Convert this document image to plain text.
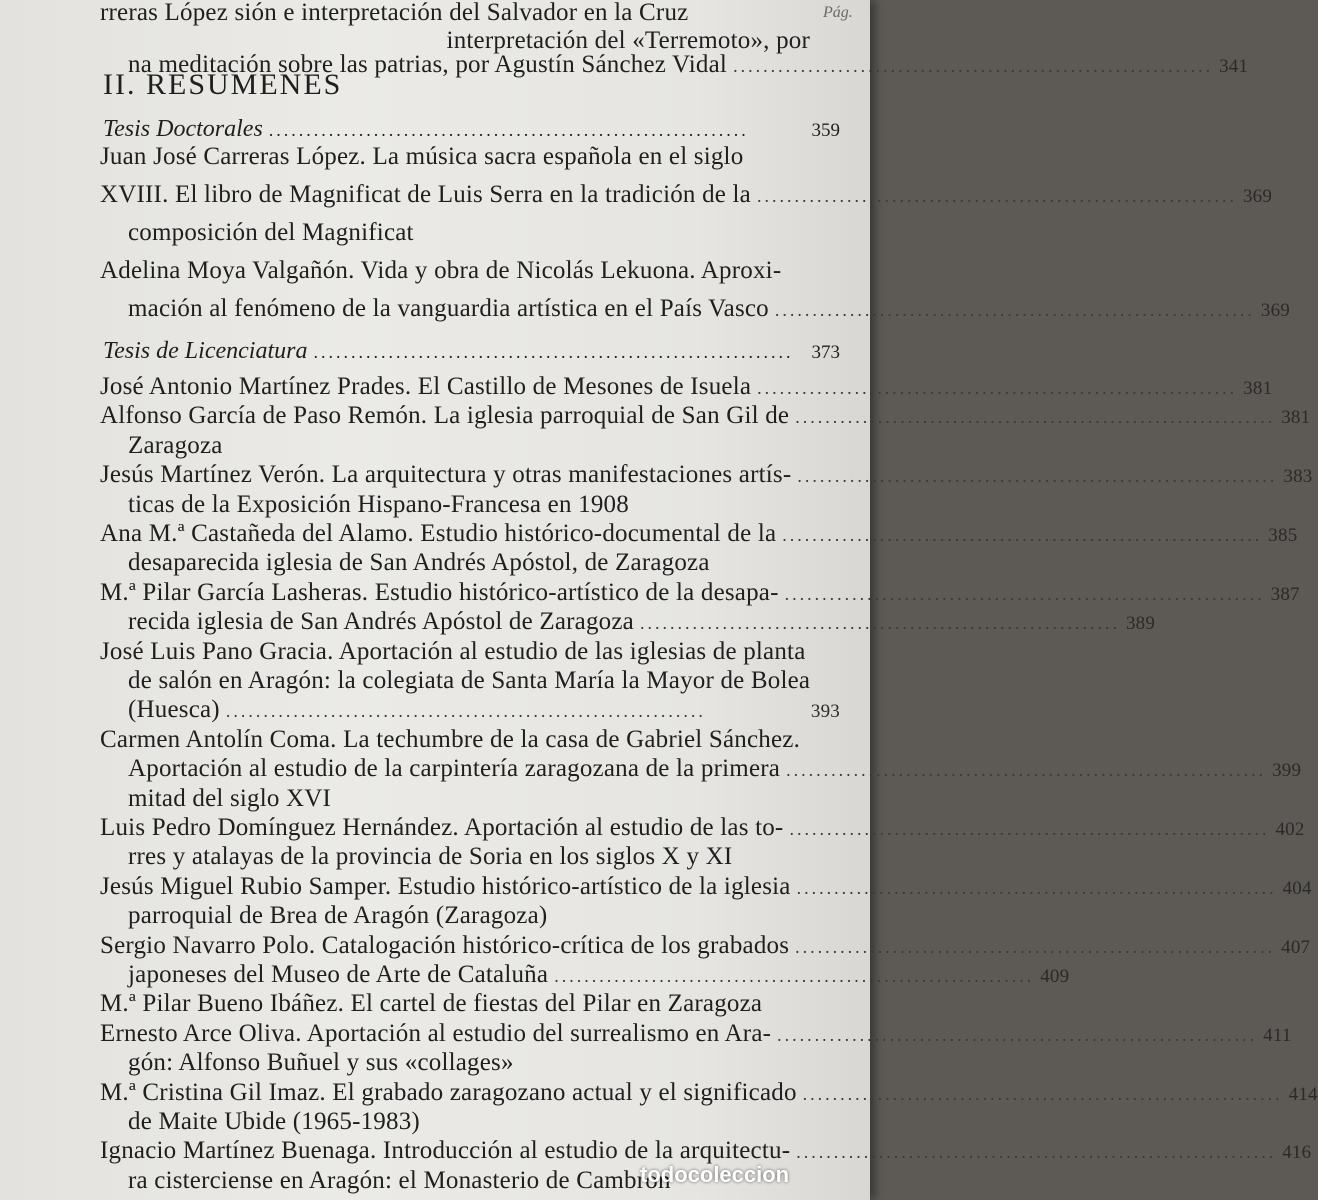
Pág.
rreras López sión e interpretación del Salvador en la Cruz
interpretación del «Terremoto», por
na meditación sobre las patrias, por Agustín Sánchez Vidal ................................................................ 341
II. RESUMENES
Tesis Doctorales ................................................................	359
Juan José Carreras López. La música sacra española en el siglo
XVIII. El libro de Magnificat de Luis Serra en la tradición de la ................................................................ 369
composición del Magnificat
Adelina Moya Valgañón. Vida y obra de Nicolás Lekuona. Aproxi-
mación al fenómeno de la vanguardia artística en el País Vasco ................................................................ 369
Tesis de Licenciatura ................................................................ 373
José Antonio Martínez Prades. El Castillo de Mesones de Isuela ................................................................ 381
Alfonso García de Paso Remón. La iglesia parroquial de San Gil de ................................................................ 381
Zaragoza
Jesús Martínez Verón. La arquitectura y otras manifestaciones artís- ................................................................ 383
ticas de la Exposición Hispano-Francesa en 1908
Ana M.ª Castañeda del Alamo. Estudio histórico-documental de la ................................................................ 385
desaparecida iglesia de San Andrés Apóstol, de Zaragoza
M.ª Pilar García Lasheras. Estudio histórico-artístico de la desapa- ................................................................ 387
recida iglesia de San Andrés Apóstol de Zaragoza ................................................................ 389
José Luis Pano Gracia. Aportación al estudio de las iglesias de planta
de salón en Aragón: la colegiata de Santa María la Mayor de Bolea
(Huesca) ................................................................	393
Carmen Antolín Coma. La techumbre de la casa de Gabriel Sánchez.
Aportación al estudio de la carpintería zaragozana de la primera ................................................................ 399
mitad del siglo XVI
Luis Pedro Domínguez Hernández. Aportación al estudio de las to- ................................................................ 402
rres y atalayas de la provincia de Soria en los siglos X y XI
Jesús Miguel Rubio Samper. Estudio histórico-artístico de la iglesia ................................................................ 404
parroquial de Brea de Aragón (Zaragoza)
Sergio Navarro Polo. Catalogación histórico-crítica de los grabados ................................................................ 407
japoneses del Museo de Arte de Cataluña ................................................................ 409
M.ª Pilar Bueno Ibáñez. El cartel de fiestas del Pilar en Zaragoza
Ernesto Arce Oliva. Aportación al estudio del surrealismo en Ara- ................................................................ 411
gón: Alfonso Buñuel y sus «collages»
M.ª Cristina Gil Imaz. El grabado zaragozano actual y el significado ................................................................ 414
de Maite Ubide (1965-1983)
Ignacio Martínez Buenaga. Introducción al estudio de la arquitectu- ................................................................ 416
ra cisterciense en Aragón: el Monasterio de Cambrón
todocoleccion
